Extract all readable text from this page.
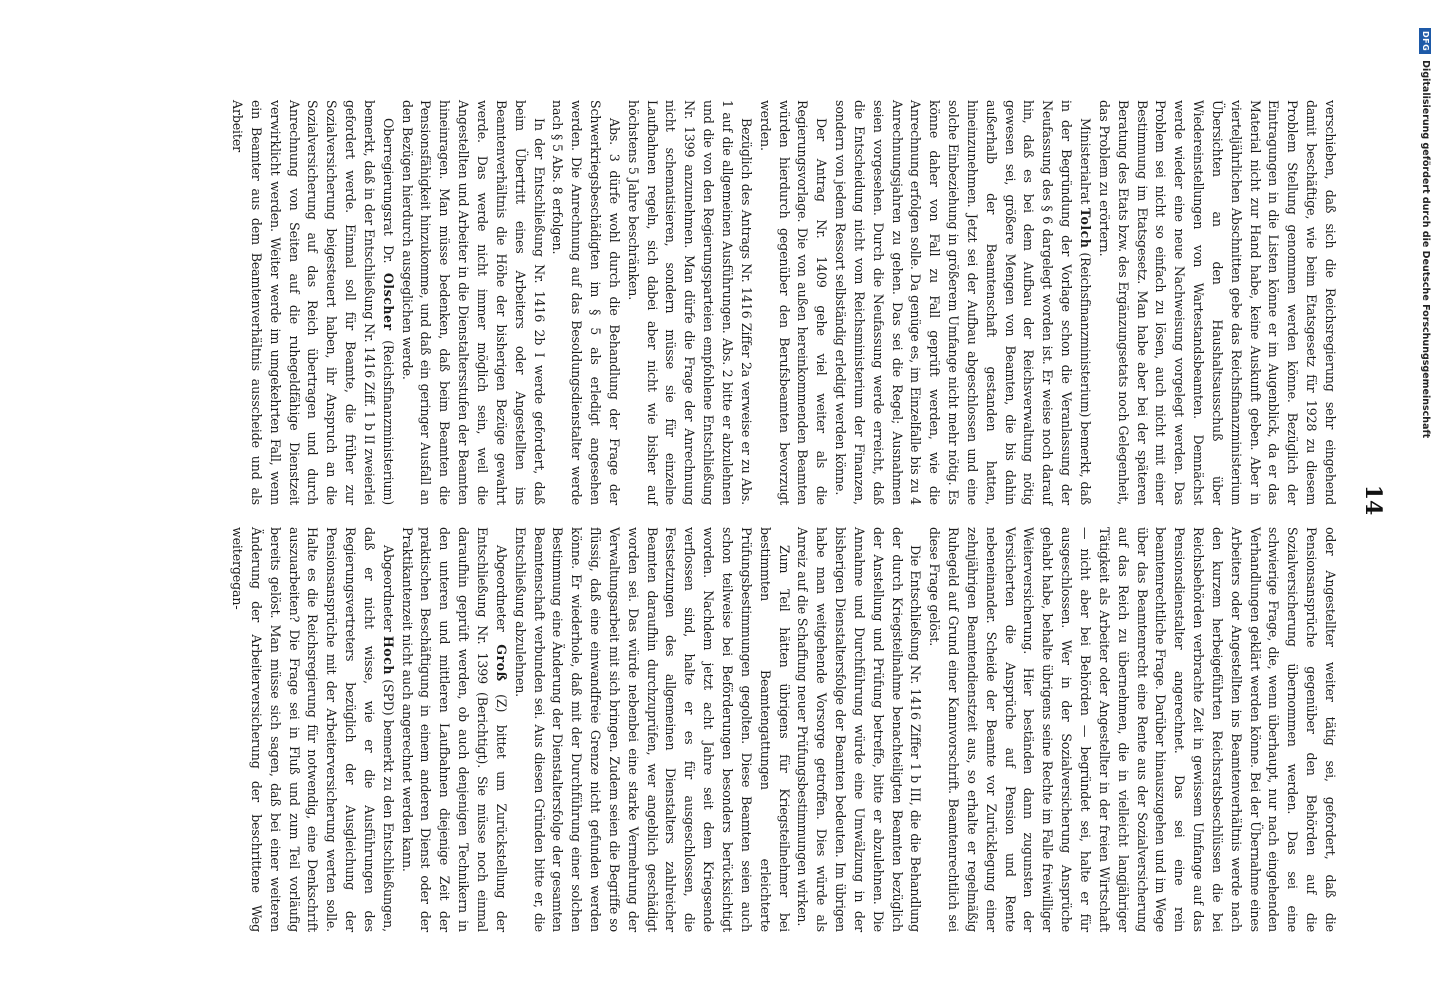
14

verschieben, daß sich die Reichsregierung sehr eingehend damit beschäftige, wie beim Etatsgesetz für 1928 zu diesem Problem Stellung genommen werden könne. Bezüglich der Eintragungen in die Listen könne er im Augenblick, da er das Material nicht zur Hand habe, keine Auskunft geben. Aber in vierteljährlichen Abschnitten gebe das Reichsfinanzministerium Übersichten an den Haushaltsausschuß über Wiedereinstellungen von Wartestandsbeamten. Demnächst werde wieder eine neue Nachweisung vorgelegt werden. Das Problem sei nicht so einfach zu lösen, auch nicht mit einer Bestimmung im Etatsgesetz. Man habe aber bei der späteren Beratung des Etats bzw. des Ergänzungsetats noch Gelegenheit, das Problem zu erörtern.

Ministerialrat Tolch (Reichsfinanzministerium) bemerkt, daß in der Begründung der Vorlage schon die Veranlassung der Neufassung des § 6 dargelegt worden ist. Er weise noch darauf hin, daß es bei dem Aufbau der Reichsverwaltung nötig gewesen sei, größere Mengen von Beamten, die bis dahin außerhalb der Beamtenschaft gestanden hatten, hineinzunehmen. Jetzt sei der Aufbau abgeschlossen und eine solche Einbeziehung in größerem Umfange nicht mehr nötig. Es könne daher von Fall zu Fall geprüft werden, wie die Anrechnung erfolgen solle. Da genüge es, im Einzelfalle bis zu 4 Anrechnungsjahren zu gehen. Das sei die Regel; Ausnahmen seien vorgesehen. Durch die Neufassung werde erreicht, daß die Entscheidung nicht vom Reichsministerium der Finanzen, sondern von jedem Ressort selbständig erledigt werden könne.

Der Antrag Nr. 1409 gehe viel weiter als die Regierungsvorlage. Die von außen hereinkommenden Beamten würden hierdurch gegenüber den Berufsbeamten bevorzugt werden.

Bezüglich des Antrags Nr. 1416 Ziffer 2a verweise er zu Abs. 1 auf die allgemeinen Ausführungen. Abs. 2 bitte er abzulehnen und die von den Regierungsparteien empfohlene Entschließung Nr. 1399 anzunehmen. Man dürfe die Frage der Anrechnung nicht schematisieren, sondern müsse sie für einzelne Laufbahnen regeln, sich dabei aber nicht wie bisher auf höchstens 5 Jahre beschränken.

Abs. 3 dürfe wohl durch die Behandlung der Frage der Schwerkriegsbeschädigten im § 5 als erledigt angesehen werden. Die Anrechnung auf das Besoldungsdienstalter werde nach § 5 Abs. 8 erfolgen.

In der Entschließung Nr. 1416 2b I werde gefordert, daß beim Übertritt eines Arbeiters oder Angestellten ins Beamtenverhältnis die Höhe der bisherigen Bezüge gewahrt werde. Das werde nicht immer möglich sein, weil die Angestellten und Arbeiter in die Dienstaltersstufen der Beamten hineinragen. Man müsse bedenken, daß beim Beamten die Pensionsfähigkeit hinzukomme, und daß ein geringer Ausfall an den Bezügen hierdurch ausgeglichen werde.

Oberregierungsrat Dr. Olscher (Reichsfinanzministerium) bemerkt, daß in der Entschließung Nr. 1416 Ziff. 1 b II zweierlei gefordert werde. Einmal soll für Beamte, die früher zur Sozialversicherung beigesteuert haben, ihr Anspruch an die Sozialversicherung auf das Reich übertragen und durch Anrechnung von Seiten auf die ruhegeldfähige Dienstzeit verwirklicht werden. Weiter werde im umgekehrten Fall, wenn ein Beamter aus dem Beamtenverhältnis ausscheide und als Arbeiter

oder Angestellter weiter tätig sei, gefordert, daß die Pensionsansprüche gegenüber den Behörden auf die Sozialversicherung übernommen werden. Das sei eine schwierige Frage, die, wenn überhaupt, nur nach eingehenden Verhandlungen geklärt werden könne. Bei der Übernahme eines Arbeiters oder Angestellten ins Beamtenverhältnis werde nach den kurzem herbeigeführten Reichsratsbeschlüssen die bei Reichsbehörden verbrachte Zeit in gewissem Umfange auf das Pensionsdienstalter angerechnet. Das sei eine rein beamtenrechtliche Frage. Darüber hinauszugehen und im Wege über das Beamtenrecht eine Rente aus der Sozialversicherung auf das Reich zu übernehmen, die in vielleicht langjähriger Tätigkeit als Arbeiter oder Angestellter in der freien Wirtschaft — nicht aber bei Behörden — begründet sei, halte er für ausgeschlossen. Wer in der Sozialversicherung Ansprüche gehabt habe, behalte übrigens seine Rechte im Falle freiwilliger Weiterversicherung. Hier beständen dann zugunsten der Versicherten die Ansprüche auf Pension und Rente nebeneinander. Scheide der Beamte vor Zurücklegung einer zehnjährigen Beamtendienstzeit aus, so erhalte er regelmäßig Ruhegeld auf Grund einer Kannvorschrift. Beamtenrechtlich sei diese Frage gelöst.

Die Entschließung Nr. 1416 Ziffer 1 b III, die die Behandlung der durch Kriegsteilnahme benachteiligten Beamten bezüglich der Anstellung und Prüfung betreffe, bitte er abzulehnen. Die Annahme und Durchführung würde eine Umwälzung in der bisherigen Dienstaltersfolge der Beamten bedeuten. Im übrigen habe man weitgehende Vorsorge getroffen. Dies würde als Anreiz auf die Schaffung neuer Prüfungsbestimmungen wirken.

Zum Teil hätten übrigens für Kriegsteilnehmer bei bestimmten Beamtengattungen erleichterte Prüfungsbestimmungen gegolten. Diese Beamten seien auch schon teilweise bei Beförderungen besonders berücksichtigt worden. Nachdem jetzt acht Jahre seit dem Kriegsende verflossen sind, halte er es für ausgeschlossen, die Festsetzungen des allgemeinen Dienstalters zahlreicher Beamten daraufhin durchzuprüfen, wer angeblich geschädigt worden sei. Das würde nebenbei eine starke Vermehrung der Verwaltungsarbeit mit sich bringen. Zudem seien die Begriffe so flüssig, daß eine einwandfreie Grenze nicht gefunden werden könne. Er wiederhole, daß mit der Durchführung einer solchen Bestimmung eine Änderung der Dienstaltersfolge der gesamten Beamtenschaft verbunden sei. Aus diesen Gründen bitte er, die Entschließung abzulehnen.

Abgeordneter Groß (Z) bittet um Zurückstellung der Entschließung Nr. 1399 (Berichtigt). Sie müsse noch einmal daraufhin geprüft werden, ob auch denjenigen Technikern in den unteren und mittleren Laufbahnen diejenige Zeit der praktischen Beschäftigung in einem anderen Dienst oder der Praktikantenzeit nicht auch angerechnet werden kann.

Abgeordneter Hoch (SPD) bemerkt zu den Entschließungen, daß er nicht wisse, wie er die Ausführungen des Regierungsvertreters bezüglich der Ausgleichung der Pensionsansprüche mit der Arbeiterversicherung werten solle. Halte es die Reichsregierung für notwendig, eine Denkschrift auszuarbeiten? Die Frage sei in Fluß und zum Teil vorläufig bereits gelöst. Man müsse sich sagen, daß bei einer weiteren Änderung der Arbeiterversicherung der beschrittene Weg weitergegan-

DFG
Digitalisierung gefördert durch die Deutsche Forschungsgemeinschaft
